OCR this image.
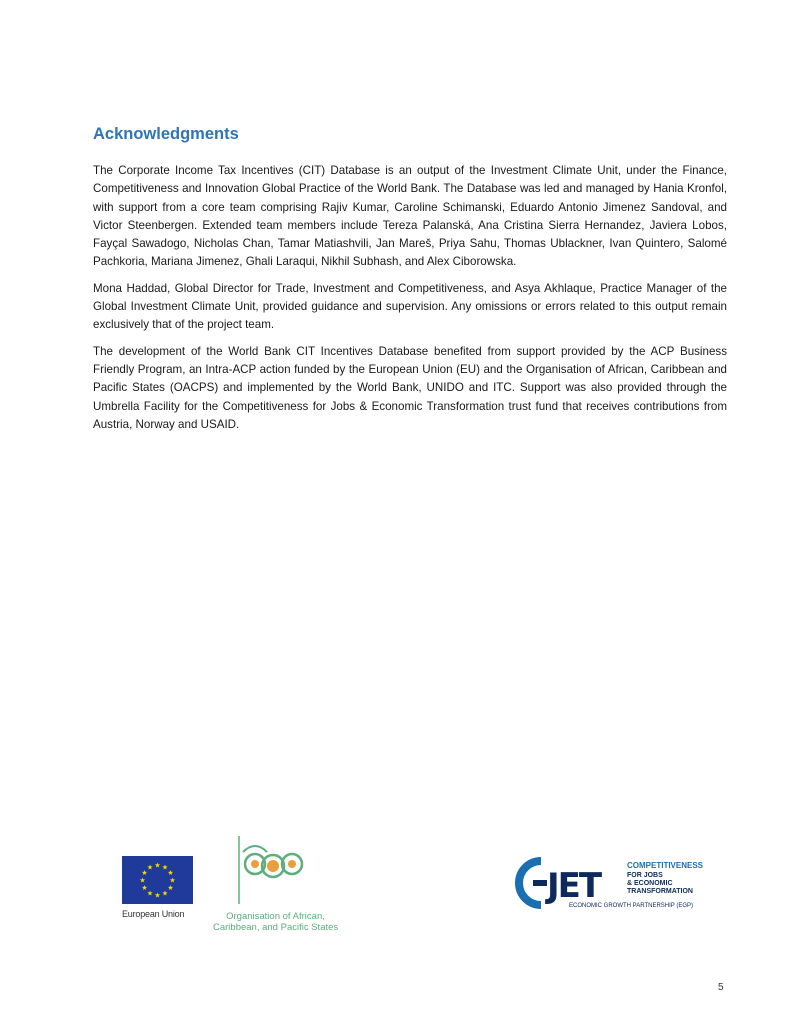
Acknowledgments

The Corporate Income Tax Incentives (CIT) Database is an output of the Investment Climate Unit, under the Finance, Competitiveness and Innovation Global Practice of the World Bank. The Database was led and managed by Hania Kronfol, with support from a core team comprising Rajiv Kumar, Caroline Schimanski, Eduardo Antonio Jimenez Sandoval, and Victor Steenbergen. Extended team members include Tereza Palanská, Ana Cristina Sierra Hernandez, Javiera Lobos, Fayçal Sawadogo, Nicholas Chan, Tamar Matiashvili, Jan Mareš, Priya Sahu, Thomas Ublackner, Ivan Quintero, Salomé Pachkoria, Mariana Jimenez, Ghali Laraqui, Nikhil Subhash, and Alex Ciborowska.

Mona Haddad, Global Director for Trade, Investment and Competitiveness, and Asya Akhlaque, Practice Manager of the Global Investment Climate Unit, provided guidance and supervision. Any omissions or errors related to this output remain exclusively that of the project team.

The development of the World Bank CIT Incentives Database benefited from support provided by the ACP Business Friendly Program, an Intra-ACP action funded by the European Union (EU) and the Organisation of African, Caribbean and Pacific States (OACPS) and implemented by the World Bank, UNIDO and ITC. Support was also provided through the Umbrella Facility for the Competitiveness for Jobs & Economic Transformation trust fund that receives contributions from Austria, Norway and USAID.

★ ★
★
★
★
★
★
★
★
★
★
★
European Union	Organisation of African,
Caribbean, and Pacific States
JET
COMPETITIVENESS
FOR JOBS
& ECONOMIC
TRANSFORMATION
ECONOMIC GROWTH PARTNERSHIP (EGP)
5
